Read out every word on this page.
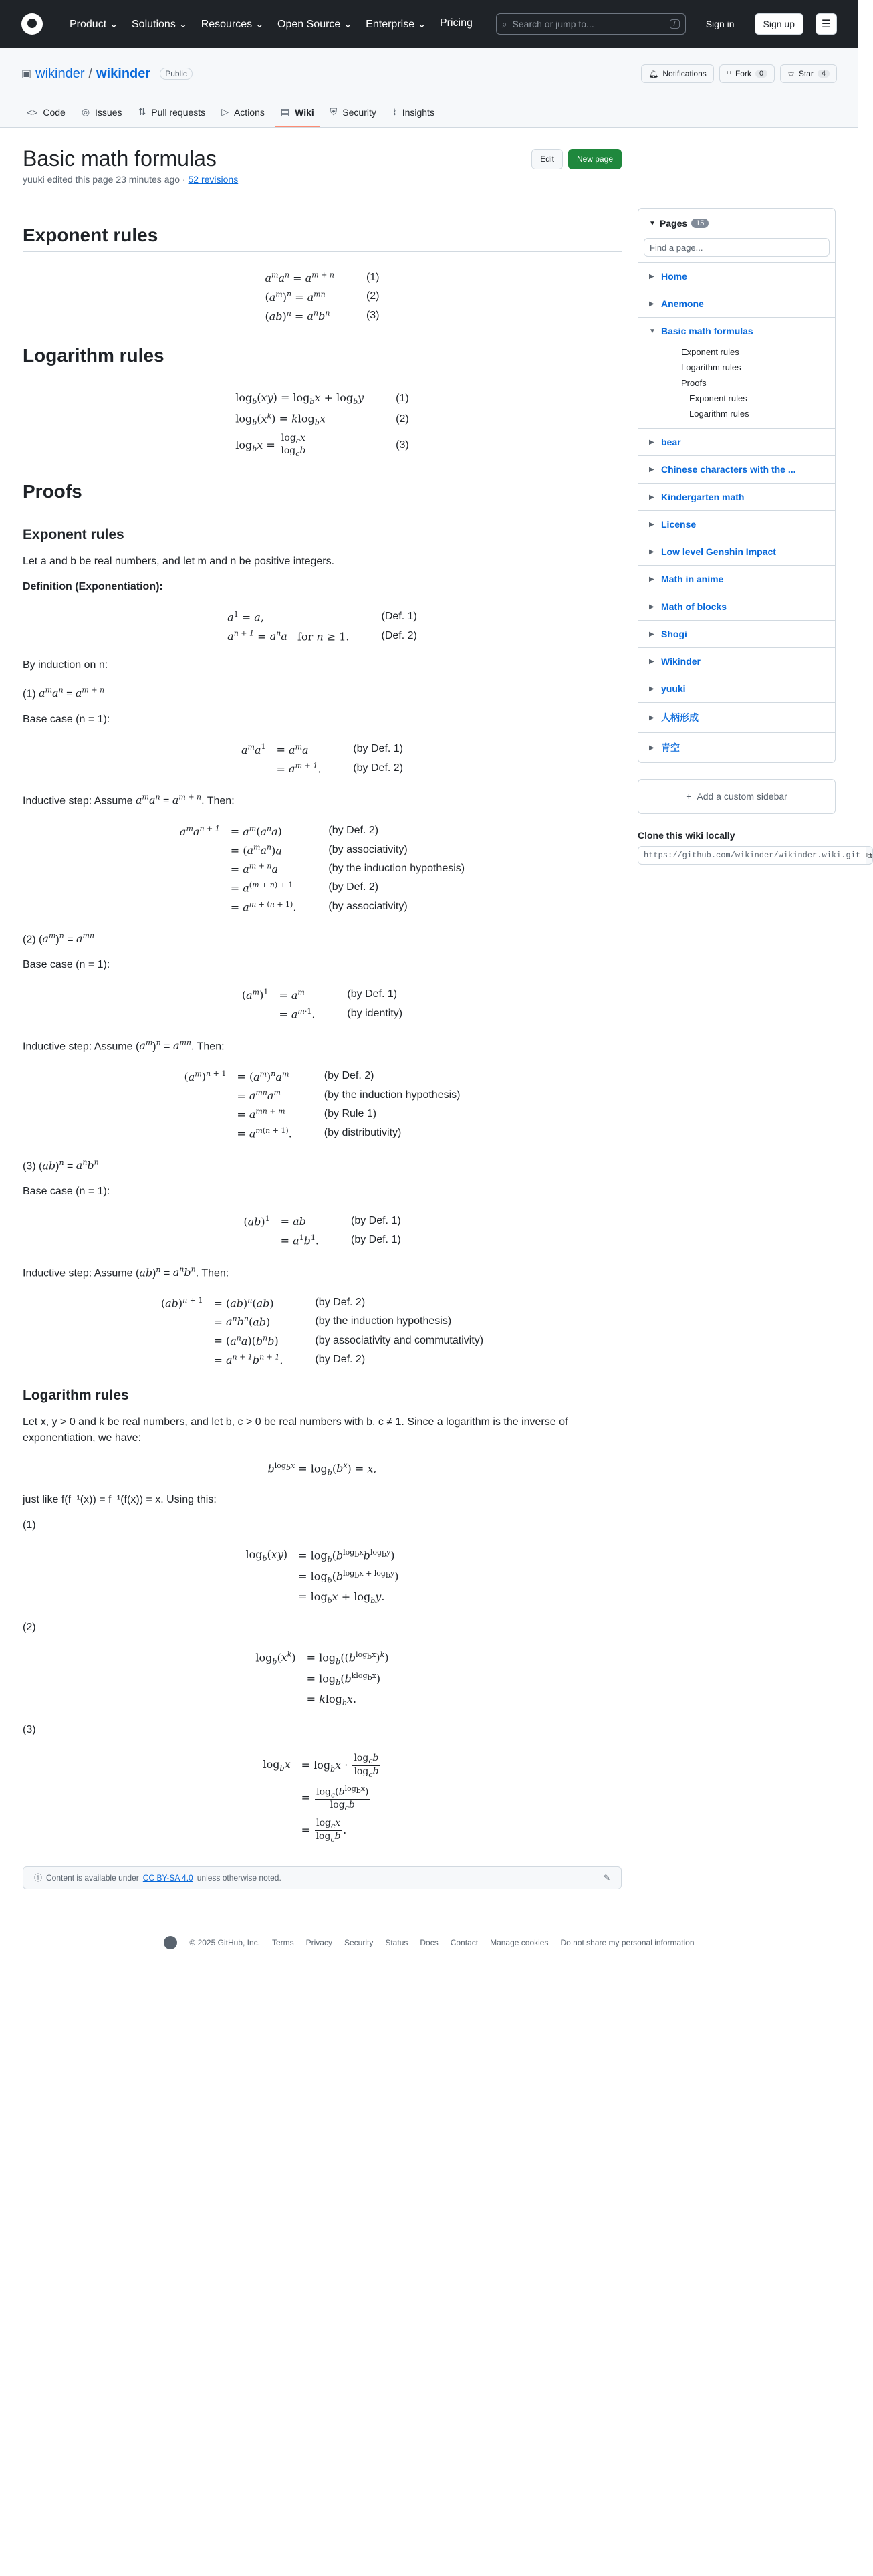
Product ⌄ Solutions ⌄ Resources ⌄ Open Source ⌄ Enterprise ⌄ Pricing	⌕ Search or jump to...	/	Sign in	Sign up	☰
▣ wikinder / wikinder	Public	🔔︎ Notifications	⑂ Fork	0	☆ Star	4
<> Code ◎ Issues ⇅ Pull requests ▷ Actions ▤ Wiki ⛨ Security ⌇ Insights
Basic math formulas	Edit	New page
yuuki edited this page 23 minutes ago · 52 revisions
Exponent rules
$a^ma^n = a^{m + n}$	(1)
$(a^m)^n = a^{mn}$	(2)
$(ab)^n = a^nb^n$	(3)
Logarithm rules
$\log_b(xy) = \log_bx + \log_by$	(1)
$\log_b(x^k) = klog_bx$	(2)
$\log_bx = \frac{\log_cx}{\log_cb}$	(3)
Proofs
Exponent rules

Let a and b be real numbers, and let m and n be positive integers.

Definition (Exponentiation):

$a^1 = a$,	(Def. 1)
$a^{n + 1} = a^na$   for n ≥ 1.	(Def. 2)

By induction on n:

(1) $a^ma^n = a^{m + n}$

Base case (n = 1):

$a^ma^1$	= $a^ma$	(by Def. 1)
	= $a^{m + 1}$.	(by Def. 2)

Inductive step: Assume $a^ma^n = a^{m + n}$. Then:

$a^ma^{n + 1}$	= $a^m(a^na)$	(by Def. 2)
	= $(a^ma^n)a$	(by associativity)
	= $a^{m + n}a$	(by the induction hypothesis)
	= $a^{(m + n) + 1}$	(by Def. 2)
	= $a^{m + (n + 1)}$.	(by associativity)

(2) $(a^m)^n = a^{mn}$

Base case (n = 1):

$(a^m)^1$	= $a^m$	(by Def. 1)
	= $a^{m\cdot 1}$.	(by identity)

Inductive step: Assume $(a^m)^n = a^{mn}$. Then:

$(a^m)^{n + 1}$	= $(a^m)^na^m$	(by Def. 2)
	= $a^{mn}a^m$	(by the induction hypothesis)
	= $a^{mn + m}$	(by Rule 1)
	= $a^{m(n + 1)}$.	(by distributivity)

(3) $(ab)^n = a^nb^n$

Base case (n = 1):

(ab)$^1$	= ab	(by Def. 1)
	= $a^1b^1$.	(by Def. 1)

Inductive step: Assume $(ab)^n = a^nb^n$. Then:

(ab)$^{n + 1}$	= (ab)$^n$(ab)	(by Def. 2)
	= $a^nb^n(ab)$	(by the induction hypothesis)
	= $(a^na)(b^nb)$	(by associativity and commutativity)
	= $a^{n + 1}b^{n + 1}$.	(by Def. 2)
Logarithm rules

Let x, y > 0 and k be real numbers, and let b, c > 0 be real numbers with b, c ≠ 1. Since a logarithm is the inverse of exponentiation, we have:

$b^{log_bx} = \log_b(b^x) = x$,

just like f(f⁻¹(x)) = f⁻¹(f(x)) = x. Using this:

(1)

$\log_b(xy)$	= $\log_b(b^{log_bx}b^{log_by})$
	= $\log_b(b^{log_bx + log_by})$
	= $\log_bx + \log_by$.

(2)

$\log_b(x^k)$	= $\log_b((b^{log_bx})^k)$
	= $\log_b(b^{klog_bx})$
	= klog$_b$x.

(3)

$\log_bx$	= $\log_bx \cdot \frac{\log_cb}{\log_cb}$

	= $\frac{\log_c(b^{log_bx})}{\log_cb}$

	= $\frac{\log_cx}{\log_cb}$ .
ⓘ Content is available under CC BY-SA 4.0 unless otherwise noted.	✎
▼ Pages	15
Find a page...
▶ Home
▶ Anemone
▼ Basic math formulas
Exponent rules
Logarithm rules
Proofs
Exponent rules
Logarithm rules
▶ bear
▶ Chinese characters with the ...
▶ Kindergarten math
▶ License
▶ Low level Genshin Impact
▶ Math in anime
▶ Math of blocks
▶ Shogi
▶ Wikinder
▶ yuuki
▶ 人柄形成
▶ 青空
+ Add a custom sidebar
Clone this wiki locally
https://github.com/wikinder/wikinder.wiki.git ⧉
© 2025 GitHub, Inc. Terms Privacy Security Status Docs Contact Manage cookies Do not share my personal information
